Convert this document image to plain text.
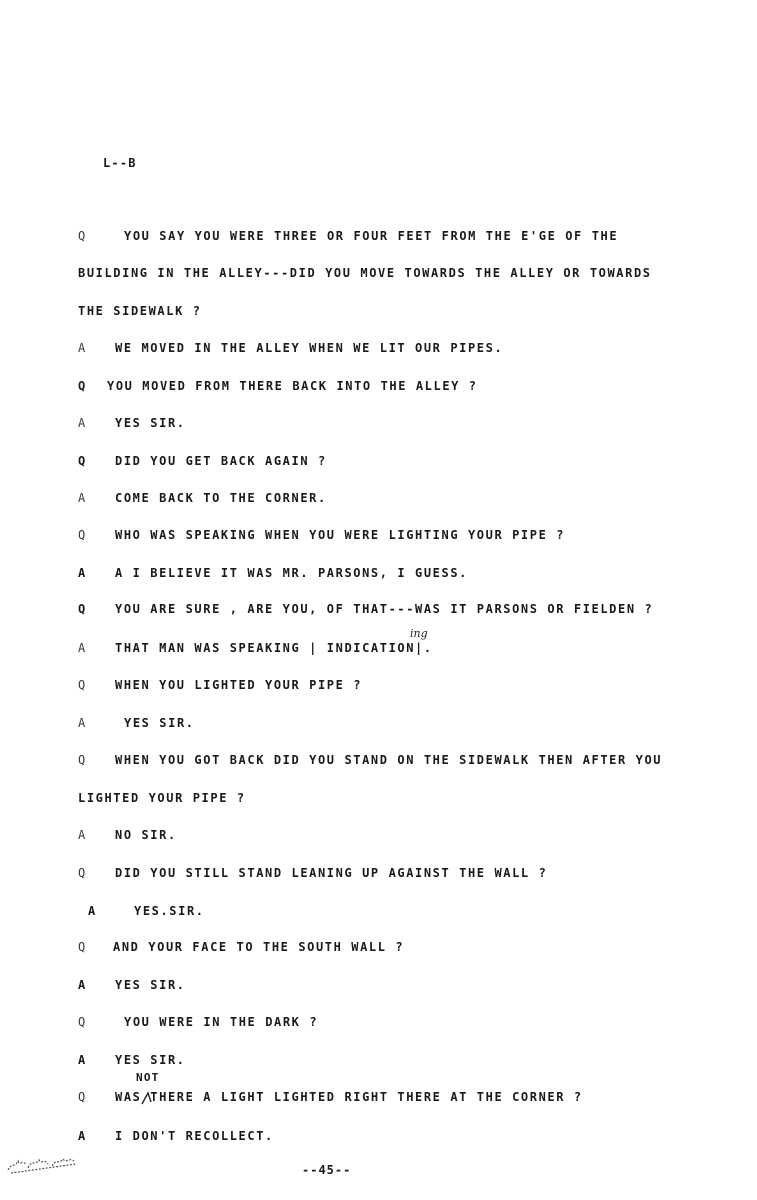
L--B
Q	YOU SAY YOU WERE THREE OR FOUR FEET FROM THE E'GE OF THE
BUILDING IN THE ALLEY---DID YOU MOVE TOWARDS THE ALLEY OR TOWARDS
THE SIDEWALK ?
A WE MOVED IN THE ALLEY WHEN WE LIT OUR PIPES.
Q YOU MOVED FROM THERE BACK INTO THE ALLEY ?
A YES SIR.
Q DID YOU GET BACK AGAIN ?
A COME BACK TO THE CORNER.
Q WHO WAS SPEAKING WHEN YOU WERE LIGHTING YOUR PIPE ?
A A I BELIEVE IT WAS MR. PARSONS, I GUESS.
Q YOU ARE SURE , ARE YOU, OF THAT---WAS IT PARSONS OR FIELDEN ?
A THAT MAN WAS SPEAKING | INDICATION|.
ing
Q WHEN YOU LIGHTED YOUR PIPE ?
A	YES SIR.
Q WHEN YOU GOT BACK DID YOU STAND ON THE SIDEWALK THEN AFTER YOU
LIGHTED YOUR PIPE ?
A NO SIR.
Q DID YOU STILL STAND LEANING UP AGAINST THE WALL ?
A	YES.SIR.
Q AND YOUR FACE TO THE SOUTH WALL ?
A YES SIR.
Q	YOU WERE IN THE DARK ?
A YES SIR.
NOT
Q WAS THERE A LIGHT LIGHTED RIGHT THERE AT THE CORNER ?
A I DON'T RECOLLECT.
--45--
